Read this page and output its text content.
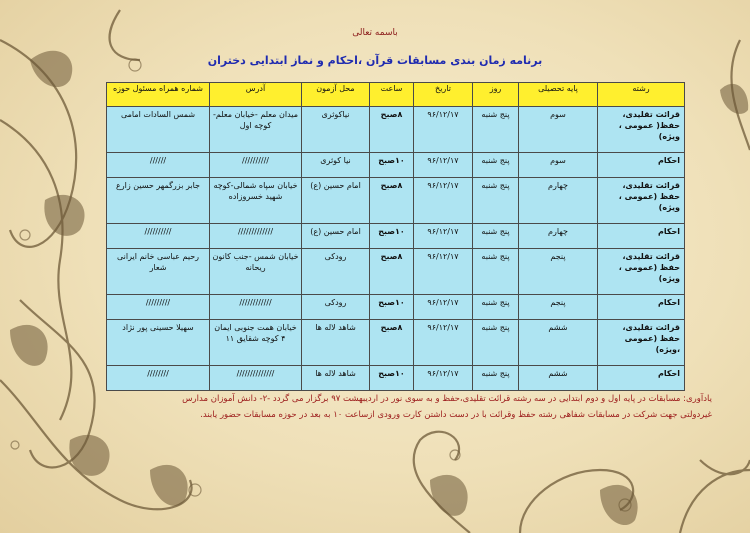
باسمه تعالی
برنامه زمان بندی مسابقات قرآن ،احکام و نماز ابتدایی دختران
رشته	پایه تحصیلی	روز	تاریخ	ساعت	محل آزمون	آدرس	شماره همراه مسئول حوزه
قرائت تقلیدی، حفظ( عمومی ، ویژه)	سوم	پنج شنبه	۹۶/۱۲/۱۷	۸صبح	نیاکوثری	میدان معلم -خیابان معلم- کوچه اول	شمس السادات امامی
احکام	سوم	پنج شنبه	۹۶/۱۲/۱۷	۱۰صبح	نیا کوثری	//////////	//////
قرائت تقلیدی، حفظ (عمومی ، ویژه)	چهارم	پنج شنبه	۹۶/۱۲/۱۷	۸صبح	امام حسین (ع)	خیابان سپاه شمالی-کوچه شهید خسروزاده	جابر بزرگمهر حسین زارع
احکام	چهارم	پنج شنبه	۹۶/۱۲/۱۷	۱۰صبح	امام حسین (ع)	/////////////	//////////
قرائت تقلیدی، حفظ (عمومی ، ویژه)	پنجم	پنج شنبه	۹۶/۱۲/۱۷	۸صبح	رودکی	خیابان شمس -جنب کانون ریحانه	رحیم عباسی خانم ایرانی شعار
احکام	پنجم	پنج شنبه	۹۶/۱۲/۱۷	۱۰صبح	رودکی	////////////	/////////
قرائت تقلیدی، حفظ (عمومی ،ویژه)	ششم	پنج شنبه	۹۶/۱۲/۱۷	۸صبح	شاهد لاله ها	خیابان همت جنوبی ایمان ۴ کوچه شقایق ۱۱	سهیلا حسینی پور نژاد
احکام	ششم	پنج شنبه	۹۶/۱۲/۱۷	۱۰صبح	شاهد لاله ها	//////////////	////////
یادآوری: مسابقات در پایه اول و دوم ابتدایی در سه رشته قرائت تقلیدی،حفظ و به سوی نور در اردیبهشت ۹۷ برگزار می گردد -۲- دانش آموزان مدارس
غیردولتی جهت شرکت در مسابقات شفاهی رشته حفظ وقرائت با در دست داشتن کارت ورودی ازساعت ۱۰ به بعد در حوزه مسابقات حضور یابند.
